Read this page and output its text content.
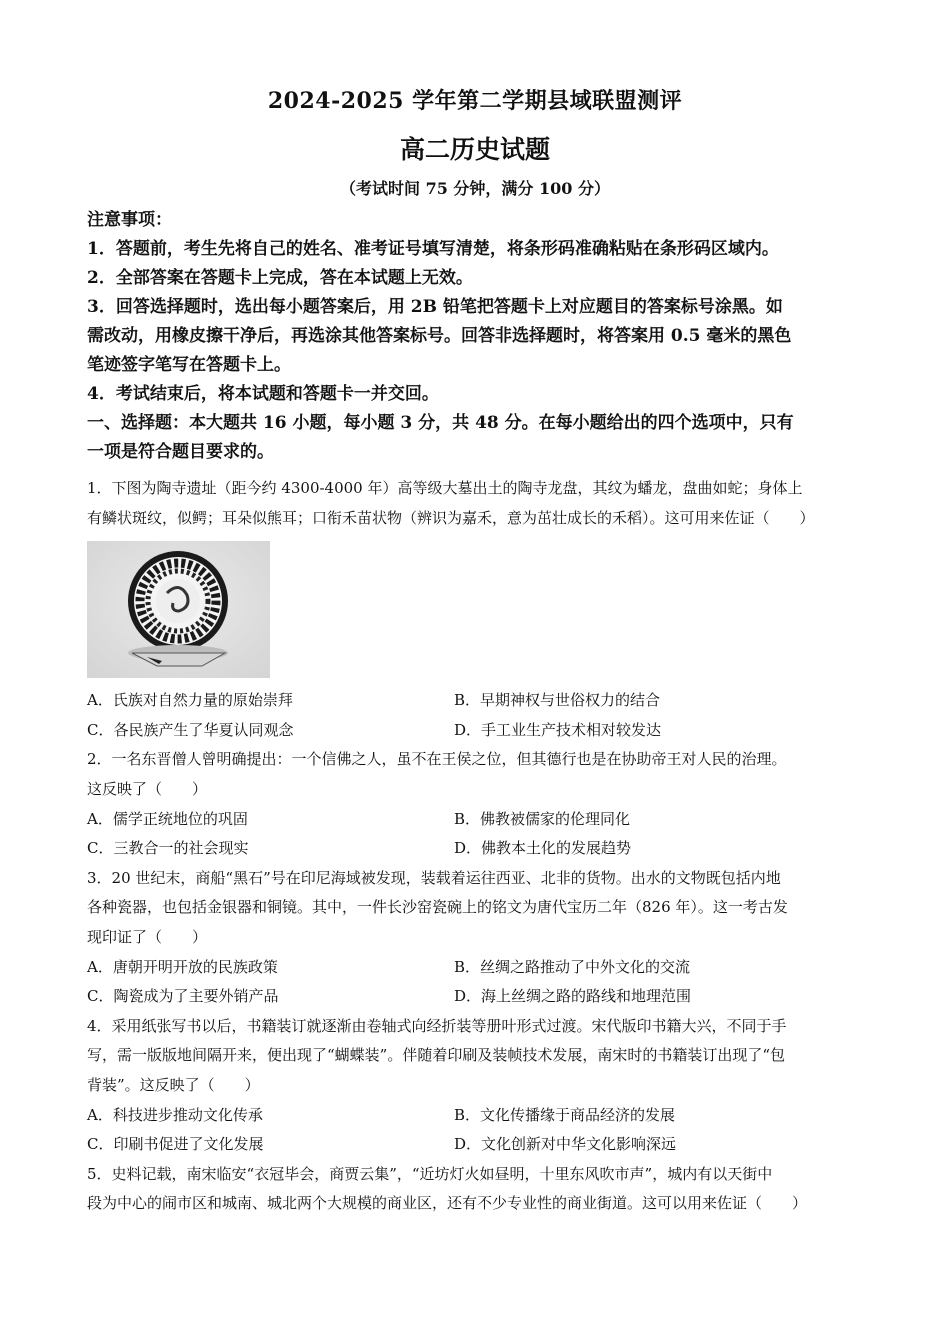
2024-2025 学年第二学期县域联盟测评
高二历史试题
（考试时间 75 分钟，满分 100 分）
注意事项：
1．答题前，考生先将自己的姓名、准考证号填写清楚，将条形码准确粘贴在条形码区域内。
2．全部答案在答题卡上完成，答在本试题上无效。
3．回答选择题时，选出每小题答案后，用 2B 铅笔把答题卡上对应题目的答案标号涂黑。如
需改动，用橡皮擦干净后，再选涂其他答案标号。回答非选择题时，将答案用 0.5 毫米的黑色
笔迹签字笔写在答题卡上。
4．考试结束后，将本试题和答题卡一并交回。
一、选择题：本大题共 16 小题，每小题 3 分，共 48 分。在每小题给出的四个选项中，只有
一项是符合题目要求的。
1．下图为陶寺遗址（距今约 4300-4000 年）高等级大墓出土的陶寺龙盘，其纹为蟠龙，盘曲如蛇；身体上
有鳞状斑纹，似鳄；耳朵似熊耳；口衔禾苗状物（辨识为嘉禾，意为茁壮成长的禾稻）。这可用来佐证（　　）
A．氏族对自然力量的原始崇拜	B．早期神权与世俗权力的结合
C．各民族产生了华夏认同观念	D．手工业生产技术相对较发达
2．一名东晋僧人曾明确提出：一个信佛之人，虽不在王侯之位，但其德行也是在协助帝王对人民的治理。
这反映了（　　）
A．儒学正统地位的巩固	B．佛教被儒家的伦理同化
C．三教合一的社会现实	D．佛教本土化的发展趋势
3．20 世纪末，商船“黑石”号在印尼海域被发现，装载着运往西亚、北非的货物。出水的文物既包括内地
各种瓷器，也包括金银器和铜镜。其中，一件长沙窑瓷碗上的铭文为唐代宝历二年（826 年）。这一考古发
现印证了（　　）
A．唐朝开明开放的民族政策	B．丝绸之路推动了中外文化的交流
C．陶瓷成为了主要外销产品	D．海上丝绸之路的路线和地理范围
4．采用纸张写书以后，书籍装订就逐渐由卷轴式向经折装等册叶形式过渡。宋代版印书籍大兴，不同于手
写，需一版版地间隔开来，便出现了“蝴蝶装”。伴随着印刷及装帧技术发展，南宋时的书籍装订出现了“包
背装”。这反映了（　　）
A．科技进步推动文化传承	B．文化传播缘于商品经济的发展
C．印刷书促进了文化发展	D．文化创新对中华文化影响深远
5．史料记载，南宋临安“衣冠毕会，商贾云集”，“近坊灯火如昼明，十里东风吹市声”，城内有以天街中
段为中心的闹市区和城南、城北两个大规模的商业区，还有不少专业性的商业街道。这可以用来佐证（　　）
